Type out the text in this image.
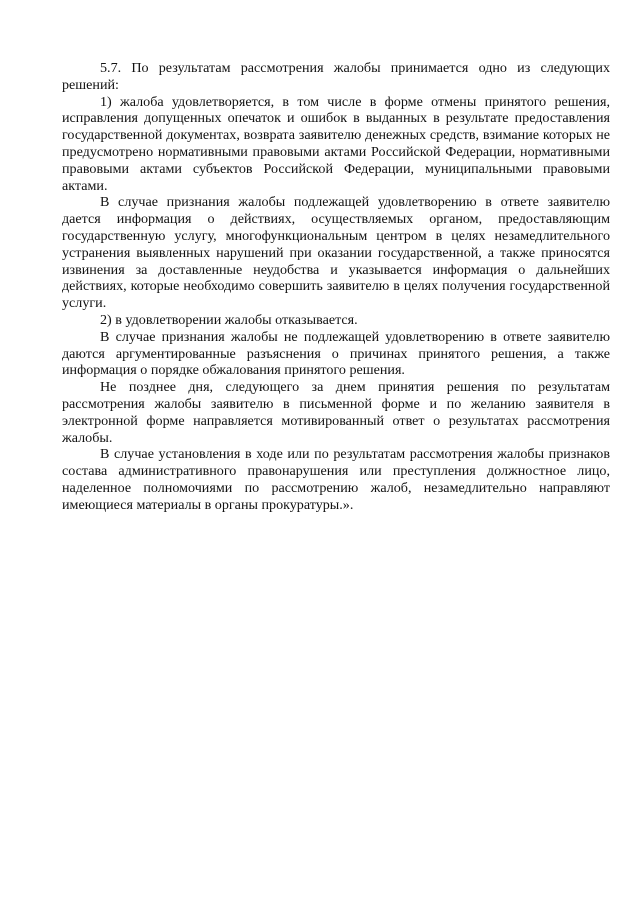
5.7. По результатам рассмотрения жалобы принимается одно из следующих решений:

1) жалоба удовлетворяется, в том числе в форме отмены принятого решения, исправления допущенных опечаток и ошибок в выданных в результате предоставления государственной документах, возврата заявителю денежных средств, взимание которых не предусмотрено нормативными правовыми актами Российской Федерации, нормативными правовыми актами субъектов Российской Федерации, муниципальными правовыми актами.

В случае признания жалобы подлежащей удовлетворению в ответе заявителю дается информация о действиях, осуществляемых органом, предоставляющим государственную услугу, многофункциональным центром в целях незамедлительного устранения выявленных нарушений при оказании государственной, а также приносятся извинения за доставленные неудобства и указывается информация о дальнейших действиях, которые необходимо совершить заявителю в целях получения государственной услуги.

2) в удовлетворении жалобы отказывается.

В случае признания жалобы не подлежащей удовлетворению в ответе заявителю даются аргументированные разъяснения о причинах принятого решения, а также информация о порядке обжалования принятого решения.

Не позднее дня, следующего за днем принятия решения по результатам рассмотрения жалобы заявителю в письменной форме и по желанию заявителя в электронной форме направляется мотивированный ответ о результатах рассмотрения жалобы.

В случае установления в ходе или по результатам рассмотрения жалобы признаков состава административного правонарушения или преступления должностное лицо, наделенное полномочиями по рассмотрению жалоб, незамедлительно направляют имеющиеся материалы в органы прокуратуры.».
